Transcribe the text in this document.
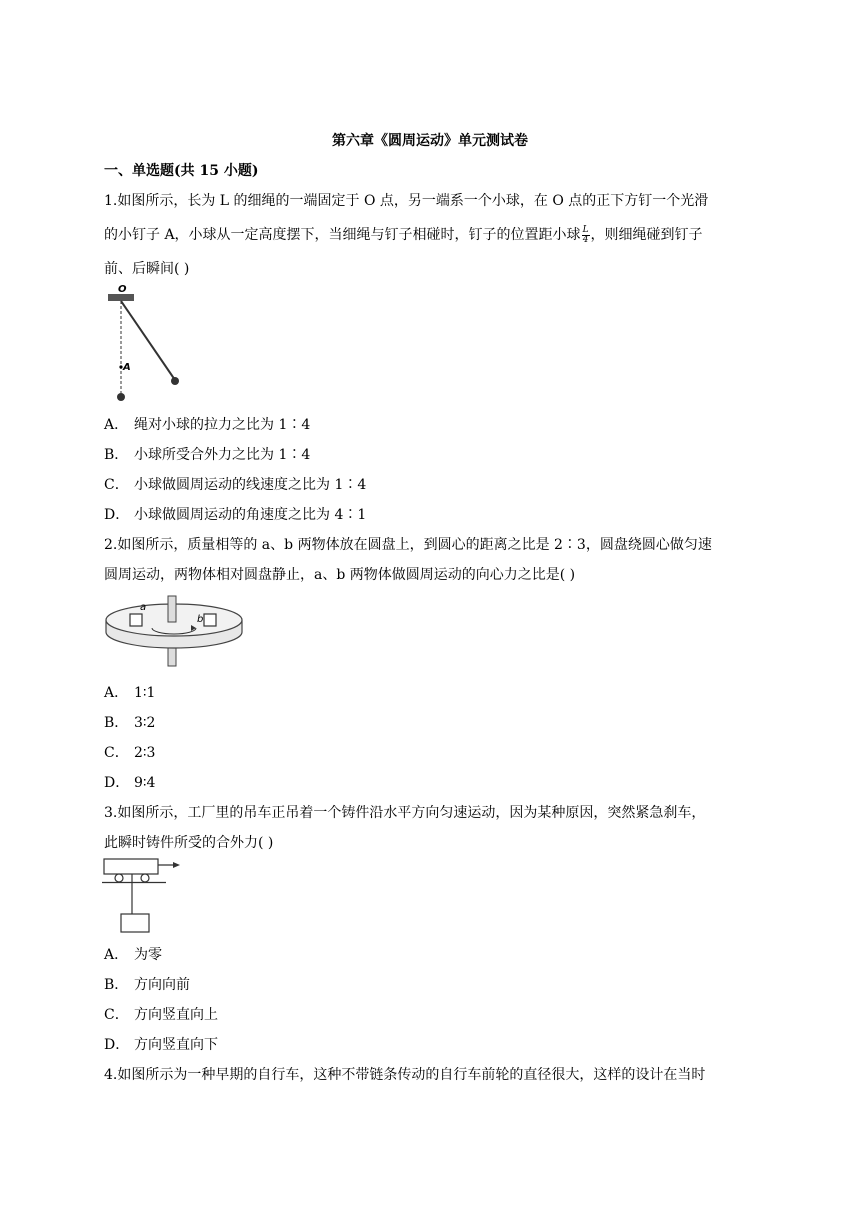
第六章《圆周运动》单元测试卷
一、单选题(共 15 小题)
1.如图所示，长为 L 的细绳的一端固定于 O 点，另一端系一个小球，在 O 点的正下方钉一个光滑
的小钉子 A，小球从一定高度摆下，当细绳与钉子相碰时，钉子的位置距小球 $\frac{L}{4}$ ，则细绳碰到钉子
前、后瞬间( )
O
A
A． 绳对小球的拉力之比为 1∶4
B． 小球所受合外力之比为 1∶4
C． 小球做圆周运动的线速度之比为 1∶4
D． 小球做圆周运动的角速度之比为 4∶1
2.如图所示，质量相等的 a、b 两物体放在圆盘上，到圆心的距离之比是 2∶3，圆盘绕圆心做匀速
圆周运动，两物体相对圆盘静止，a、b 两物体做圆周运动的向心力之比是( )
a
b
A． 1∶1
B． 3∶2
C． 2∶3
D． 9∶4
3.如图所示，工厂里的吊车正吊着一个铸件沿水平方向匀速运动，因为某种原因，突然紧急刹车，
此瞬时铸件所受的合外力( )
A． 为零
B． 方向向前
C． 方向竖直向上
D． 方向竖直向下
4.如图所示为一种早期的自行车，这种不带链条传动的自行车前轮的直径很大，这样的设计在当时
